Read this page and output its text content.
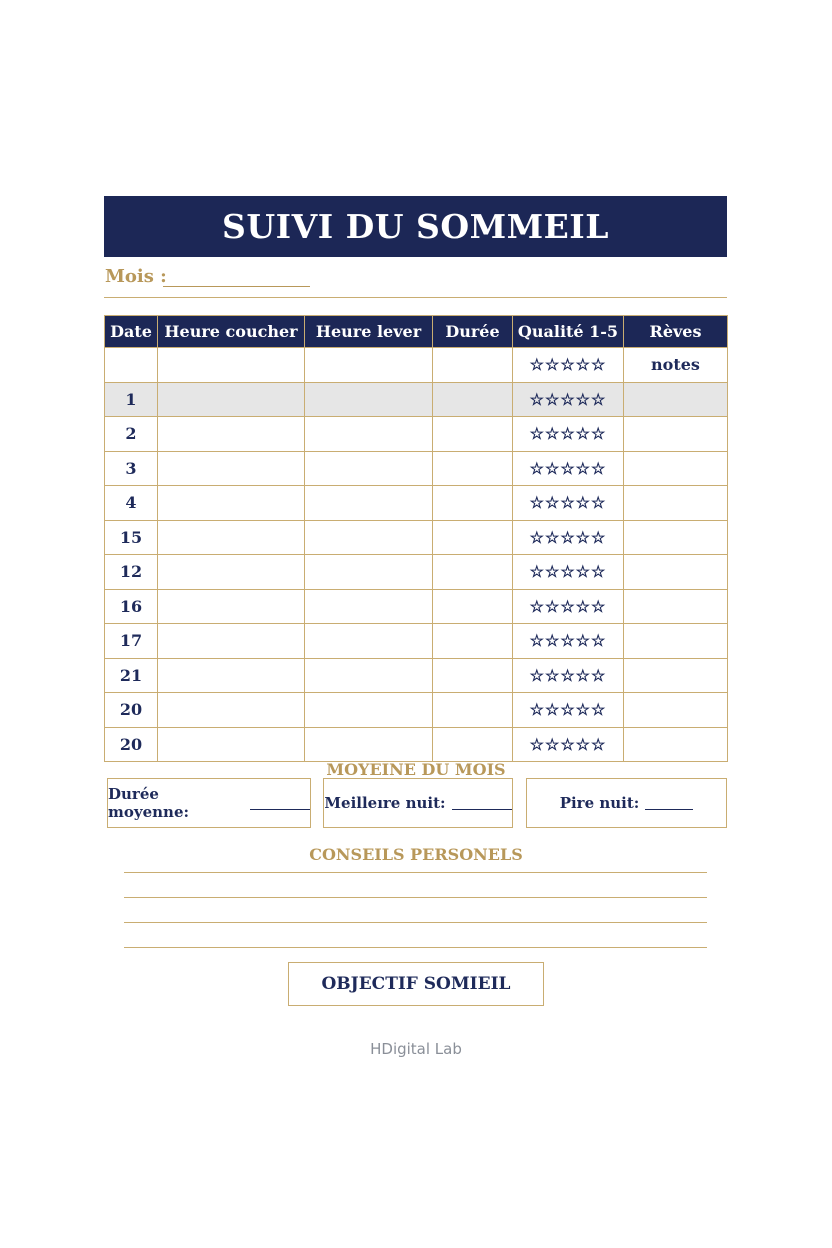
SUIVI DU SOMMEIL
Mois :
Date	Heure coucher	Heure lever	Durée	Qualité 1-5	Rèves
				☆☆☆☆☆	notes
1				☆☆☆☆☆	
2				☆☆☆☆☆	
3				☆☆☆☆☆	
4				☆☆☆☆☆	
15				☆☆☆☆☆	
12				☆☆☆☆☆	
16				☆☆☆☆☆	
17				☆☆☆☆☆	
21				☆☆☆☆☆	
20				☆☆☆☆☆	
20				☆☆☆☆☆	
MOYEINE DU MOIS
Durée moyenne:	Meilleıre nuit:	Pire nuit:
CONSEILS PERSONELS
OBJECTIF SOMIEIL
HDigital Lab
